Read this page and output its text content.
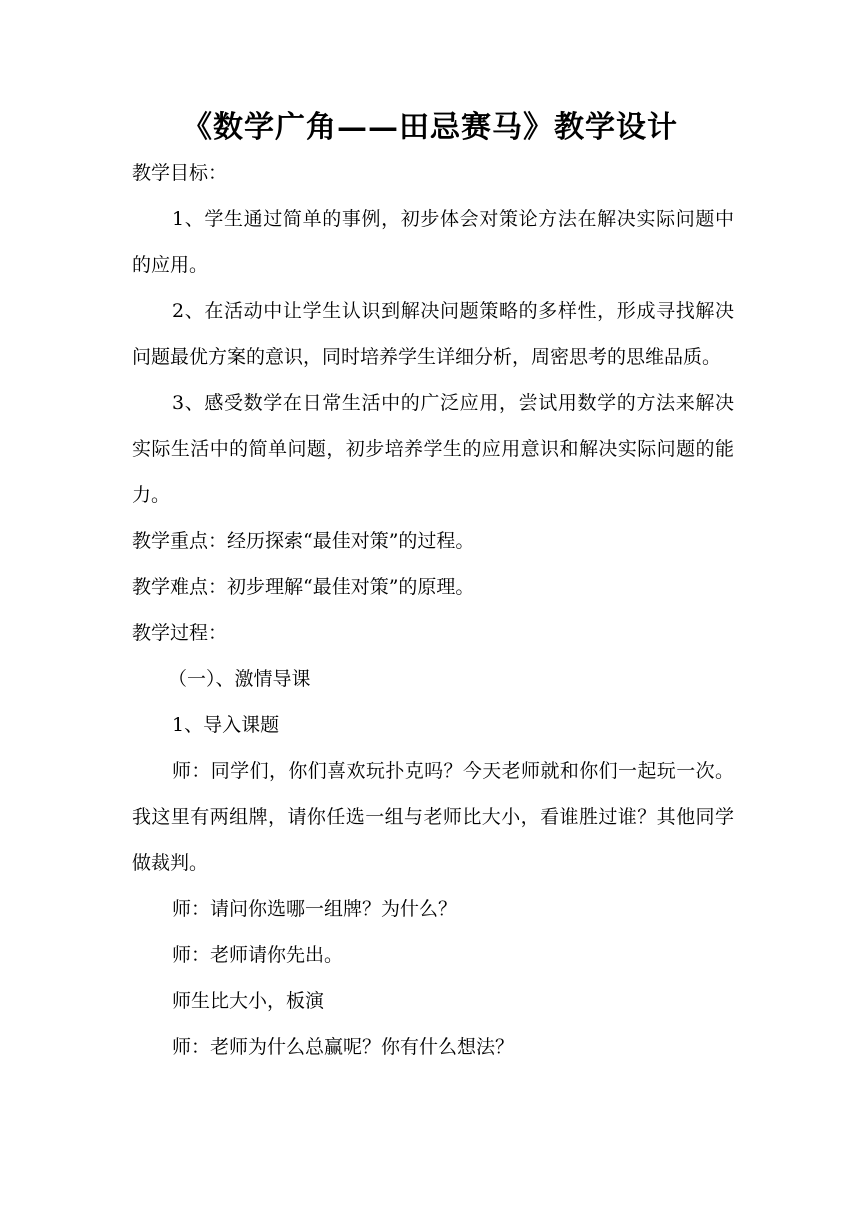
《数学广角——田忌赛马》教学设计

教学目标：

1、学生通过简单的事例，初步体会对策论方法在解决实际问题中的应用。

2、在活动中让学生认识到解决问题策略的多样性，形成寻找解决问题最优方案的意识，同时培养学生详细分析，周密思考的思维品质。

3、感受数学在日常生活中的广泛应用，尝试用数学的方法来解决实际生活中的简单问题，初步培养学生的应用意识和解决实际问题的能力。

教学重点：经历探索“最佳对策”的过程。

教学难点：初步理解“最佳对策”的原理。

教学过程：

（一）、激情导课

1、导入课题

师：同学们，你们喜欢玩扑克吗？今天老师就和你们一起玩一次。我这里有两组牌，请你任选一组与老师比大小，看谁胜过谁？其他同学做裁判。

师：请问你选哪一组牌？为什么？

师：老师请你先出。

师生比大小，板演

师：老师为什么总赢呢？你有什么想法？
